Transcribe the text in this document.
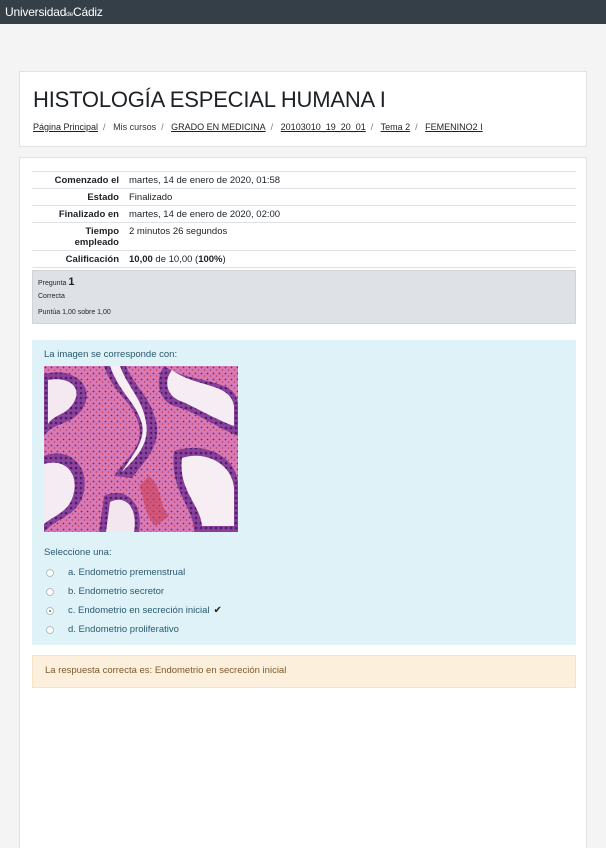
UniversidaddeCádiz
HISTOLOGÍA ESPECIAL HUMANA I
Página Principal / Mis cursos / GRADO EN MEDICINA / 20103010_19_20_01 / Tema 2 / FEMENINO2 I
Comenzado el	martes, 14 de enero de 2020, 01:58
Estado	Finalizado
Finalizado en	martes, 14 de enero de 2020, 02:00
Tiempo
empleado	2 minutos 26 segundos
Calificación	10,00 de 10,00 (100%)
Pregunta 1
Correcta
Puntúa 1,00 sobre 1,00
La imagen se corresponde con:
Seleccione una:
a. Endometrio premenstrual
b. Endometrio secretor
c. Endometrio en secreción inicial ✔
d. Endometrio proliferativo
La respuesta correcta es: Endometrio en secreción inicial
